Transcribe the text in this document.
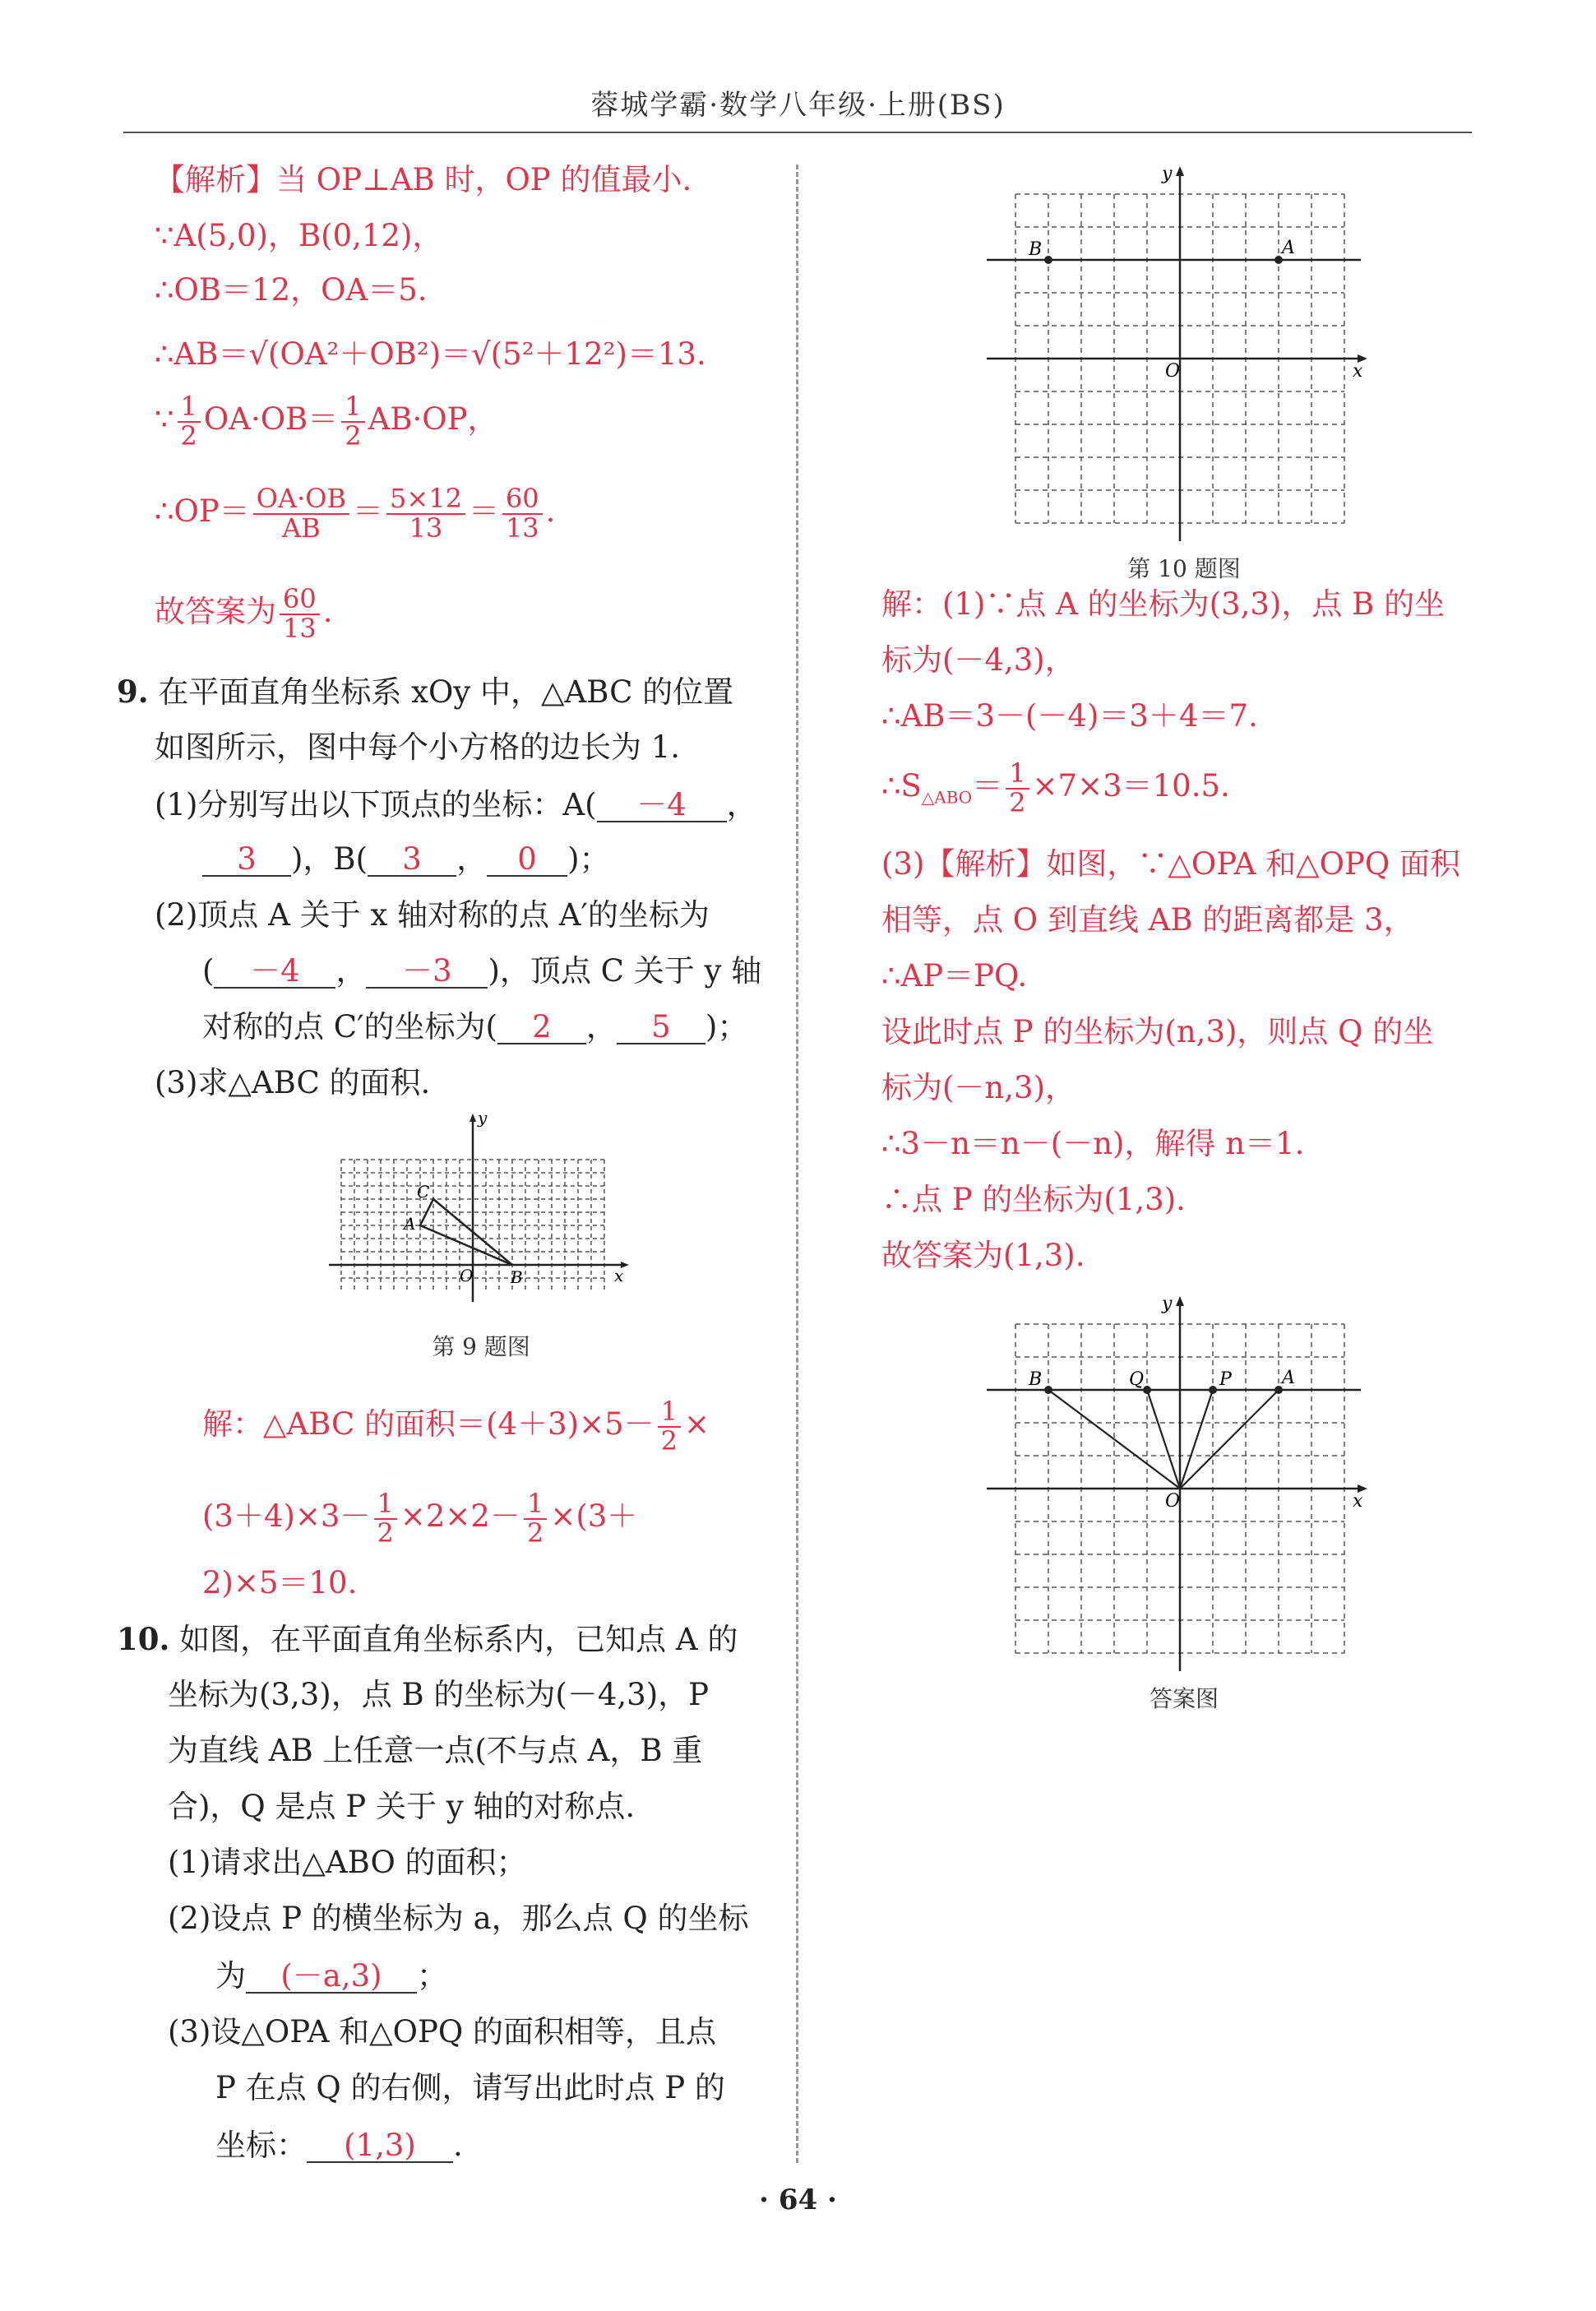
蓉城学霸·数学八年级·上册(BS)
【解析】当 OP⊥AB 时，OP 的值最小.
∵A(5,0)，B(0,12)，
∴OB＝12，OA＝5.
∴AB＝√(OA²＋OB²)＝√(5²＋12²)＝13.
∵ $\frac{1}{2} OA\cdot OB= \frac{1}{2} AB\cdot OP$，
∴OP＝ $\frac{OA\cdot OB}{AB} = \frac{5\times 12}{13} = \frac{60}{13}$ .
故答案为 $\frac{60}{13}$ .
9. 在平面直角坐标系 xOy 中，△ABC 的位置
如图所示，图中每个小方格的边长为 1.
(1)分别写出以下顶点的坐标：A( －4 ，
3 )，B( 3 ， 0 )；
(2)顶点 A 关于 x 轴对称的点 A′的坐标为
( －4 ， －3 )，顶点 C 关于 y 轴
对称的点 C′的坐标为( 2 ， 5 )；
(3)求△ABC 的面积.
x
y
O
A
C
B
第 9 题图
解：△ABC 的面积$=(4+3)\times 5- \frac{1}{2}$ ×
$(3+4)\times 3- \frac{1}{2} \times 2\times 2- \frac{1}{2} \times(3+$
2)×5＝10.
10. 如图，在平面直角坐标系内，已知点 A 的
坐标为(3,3)，点 B 的坐标为(－4,3)，P
为直线 AB 上任意一点(不与点 A，B 重
合)，Q 是点 P 关于 y 轴的对称点.
(1)请求出△ABO 的面积；
(2)设点 P 的横坐标为 a，那么点 Q 的坐标
为 (－a,3) ；
(3)设△OPA 和△OPQ 的面积相等，且点
P 在点 Q 的右侧，请写出此时点 P 的
坐标： (1,3) .
x
y
O
B	A
第 10 题图
解：(1)∵点 A 的坐标为(3,3)，点 B 的坐
标为(－4,3)，
∴AB＝3－(－4)＝3＋4＝7.
$\therefore S_{\triangle ABO}= \frac{1}{2} \times 7\times 3=10.5$.
(3)【解析】如图，∵△OPA 和△OPQ 面积
相等，点 O 到直线 AB 的距离都是 3，
∴AP＝PQ.
设此时点 P 的坐标为(n,3)，则点 Q 的坐
标为(－n,3)，
∴3－n＝n－(－n)，解得 n＝1.
∴点 P 的坐标为(1,3).
故答案为(1,3).
x
y
O
B	Q	P	A
答案图
· 64 ·
